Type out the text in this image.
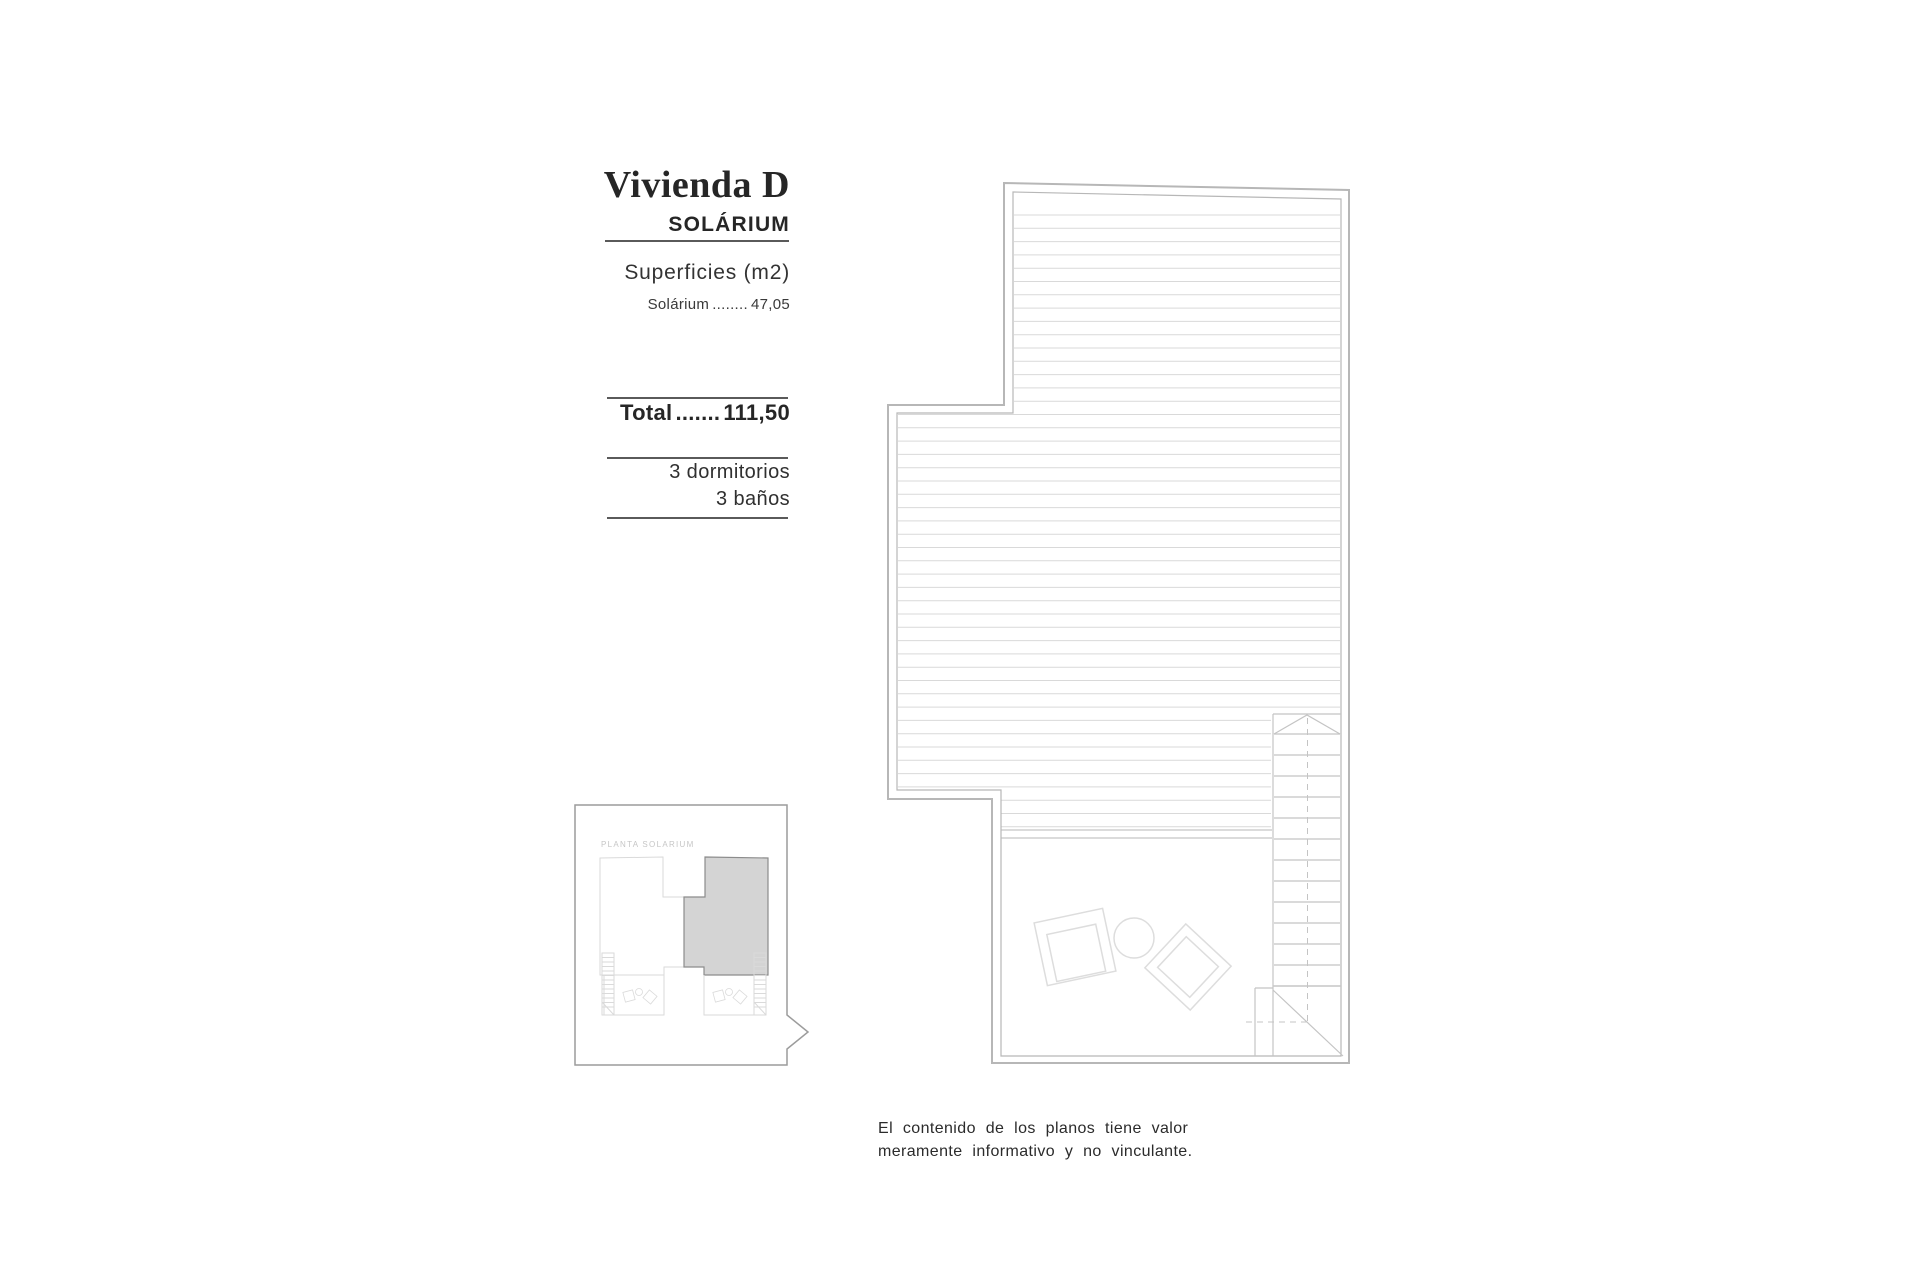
Vivienda D
SOLÁRIUM
Superficies (m2)
Solárium ........ 47,05
Total ....... 111,50
3 dormitorios
3 baños
PLANTA SOLARIUM
El contenido de los planos tiene valor
meramente informativo y no vinculante.
